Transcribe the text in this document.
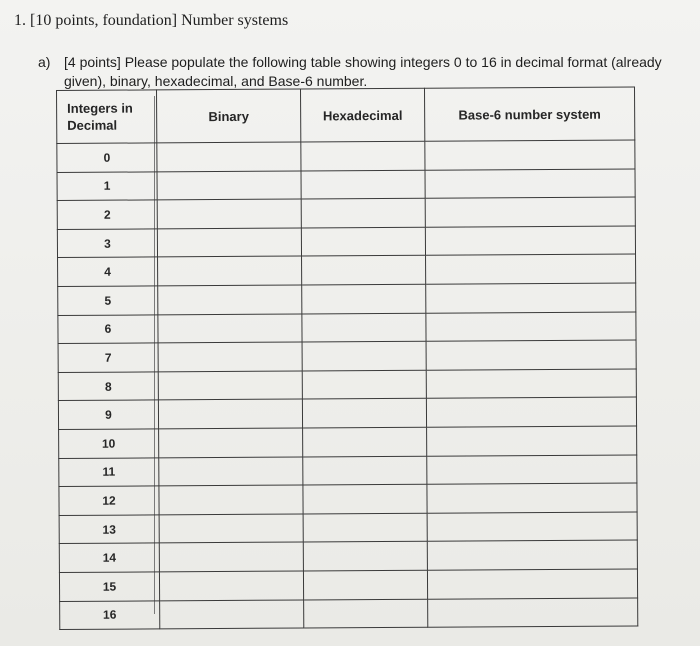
1. [10 points, foundation] Number systems
a) [4 points] Please populate the following table showing integers 0 to 16 in decimal format (already given), binary, hexadecimal, and Base-6 number.
Integers in Decimal	Binary	Hexadecimal	Base-6 number system
0			
1			
2			
3			
4			
5			
6			
7			
8			
9			
10			
11			
12			
13			
14			
15			
16			
